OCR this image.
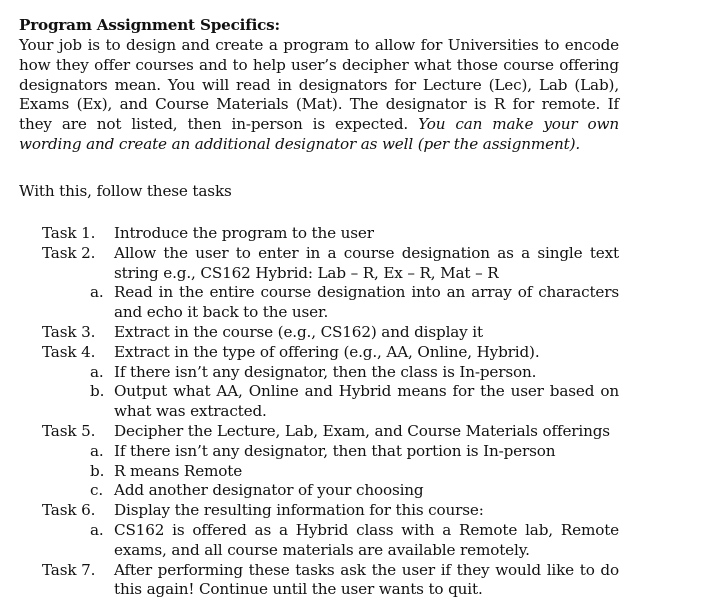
Program Assignment Specifics:
Your job is to design and create a program to allow for Universities to encode how they offer courses and to help user’s decipher what those course offering designators mean. You will read in designators for Lecture (Lec), Lab (Lab), Exams (Ex), and Course Materials (Mat). The designator is R for remote. If they are not listed, then in-person is expected. You can make your own wording and create an additional designator as well (per the assignment).
With this, follow these tasks
Task 1.	Introduce the program to the user
Task 2.	Allow the user to enter in a course designation as a single text string e.g., CS162 Hybrid: Lab – R, Ex – R, Mat – R
a. Read in the entire course designation into an array of characters and echo it back to the user.
Task 3.	Extract in the course (e.g., CS162) and display it
Task 4.	Extract in the type of offering (e.g., AA, Online, Hybrid).
a. If there isn’t any designator, then the class is In-person.
b. Output what AA, Online and Hybrid means for the user based on what was extracted.
Task 5.	Decipher the Lecture, Lab, Exam, and Course Materials offerings
a. If there isn’t any designator, then that portion is In-person
b. R means Remote
c. Add another designator of your choosing
Task 6.	Display the resulting information for this course:
a. CS162 is offered as a Hybrid class with a Remote lab, Remote exams, and all course materials are available remotely.
Task 7.	After performing these tasks ask the user if they would like to do this again! Continue until the user wants to quit.
